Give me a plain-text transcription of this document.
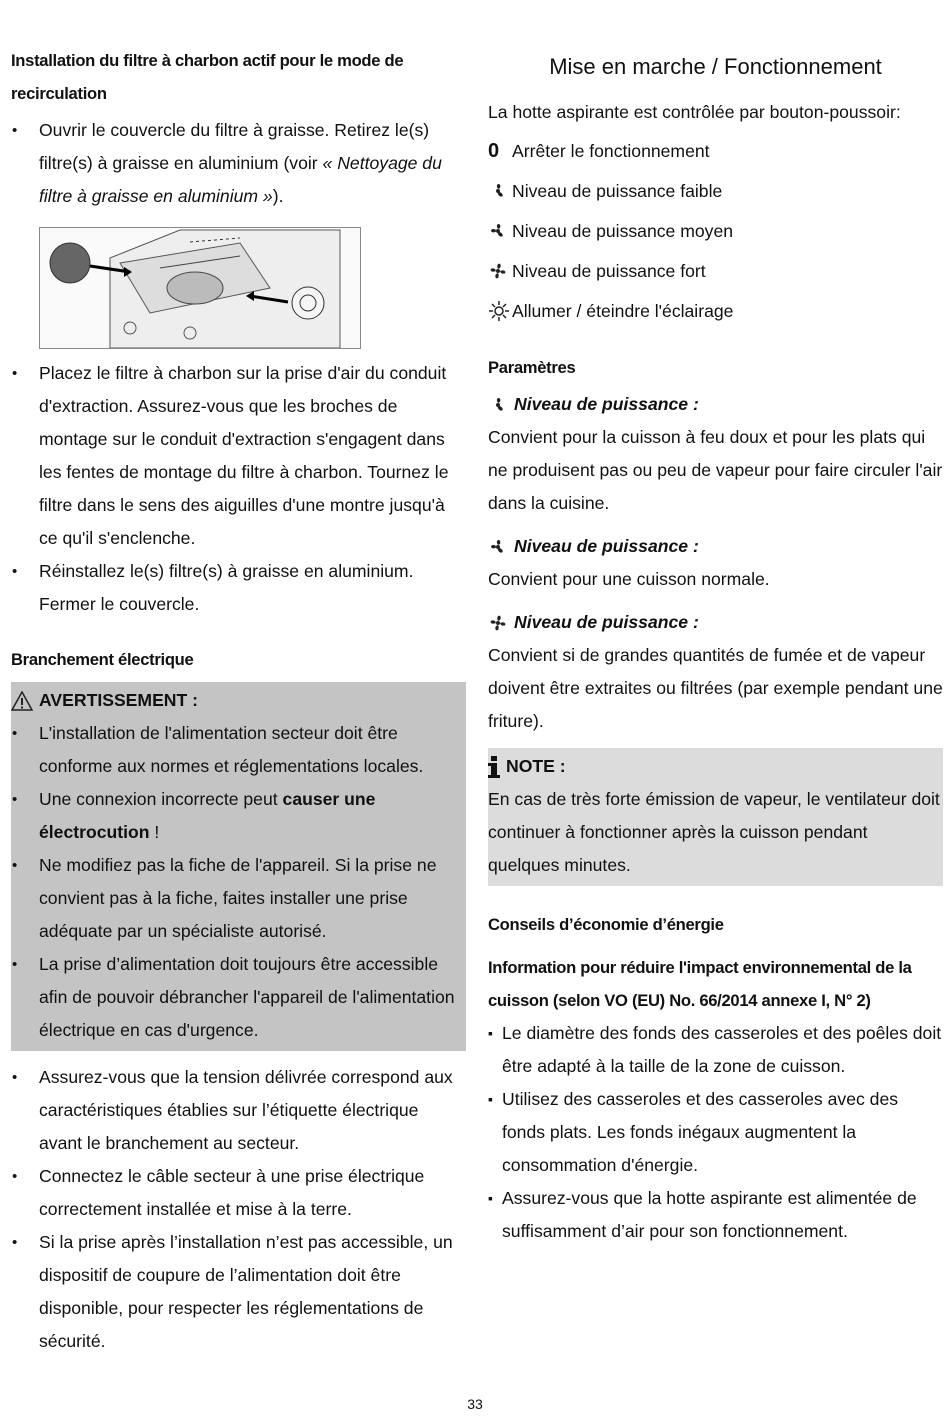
Installation du filtre à charbon actif pour le mode de recirculation

• Ouvrir le couvercle du filtre à graisse. Retirez le(s) filtre(s) à graisse en aluminium (voir « Nettoyage du filtre à graisse en aluminium »).
• Placez le filtre à charbon sur la prise d'air du conduit d'extraction. Assurez-vous que les broches de montage sur le conduit d'extraction s'engagent dans les fentes de montage du filtre à charbon. Tournez le filtre dans le sens des aiguilles d'une montre jusqu'à ce qu'il s'enclenche.
• Réinstallez le(s) filtre(s) à graisse en aluminium. Fermer le couvercle.

Branchement électrique

AVERTISSEMENT :
• L'installation de l'alimentation secteur doit être conforme aux normes et réglementations locales.
• Une connexion incorrecte peut causer une électrocution !
• Ne modifiez pas la fiche de l'appareil. Si la prise ne convient pas à la fiche, faites installer une prise adéquate par un spécialiste autorisé.
• La prise d’alimentation doit toujours être accessible afin de pouvoir débrancher l'appareil de l'alimentation électrique en cas d'urgence.
• Assurez-vous que la tension délivrée correspond aux caractéristiques établies sur l’étiquette électrique avant le branchement au secteur.
• Connectez le câble secteur à une prise électrique correctement installée et mise à la terre.
• Si la prise après l’installation n’est pas accessible, un dispositif de coupure de l’alimentation doit être disponible, pour respecter les réglementations de sécurité.
Mise en marche / Fonctionnement

La hotte aspirante est contrôlée par bouton-poussoir:

0 Arrêter le fonctionnement
Niveau de puissance faible
Niveau de puissance moyen
Niveau de puissance fort
Allumer / éteindre l'éclairage

Paramètres

Niveau de puissance :

Convient pour la cuisson à feu doux et pour les plats qui ne produisent pas ou peu de vapeur pour faire circuler l'air dans la cuisine.

Niveau de puissance :

Convient pour une cuisson normale.

Niveau de puissance :

Convient si de grandes quantités de fumée et de vapeur doivent être extraites ou filtrées (par exemple pendant une friture).

NOTE :

En cas de très forte émission de vapeur, le ventilateur doit continuer à fonctionner après la cuisson pendant quelques minutes.

Conseils d’économie d’énergie

Information pour réduire l'impact environnemental de la cuisson (selon VO (EU) No. 66/2014 annexe I, N° 2)

▪ Le diamètre des fonds des casseroles et des poêles doit être adapté à la taille de la zone de cuisson.
▪ Utilisez des casseroles et des casseroles avec des fonds plats. Les fonds inégaux augmentent la consommation d'énergie.
▪ Assurez-vous que la hotte aspirante est alimentée de suffisamment d’air pour son fonctionnement.
33
